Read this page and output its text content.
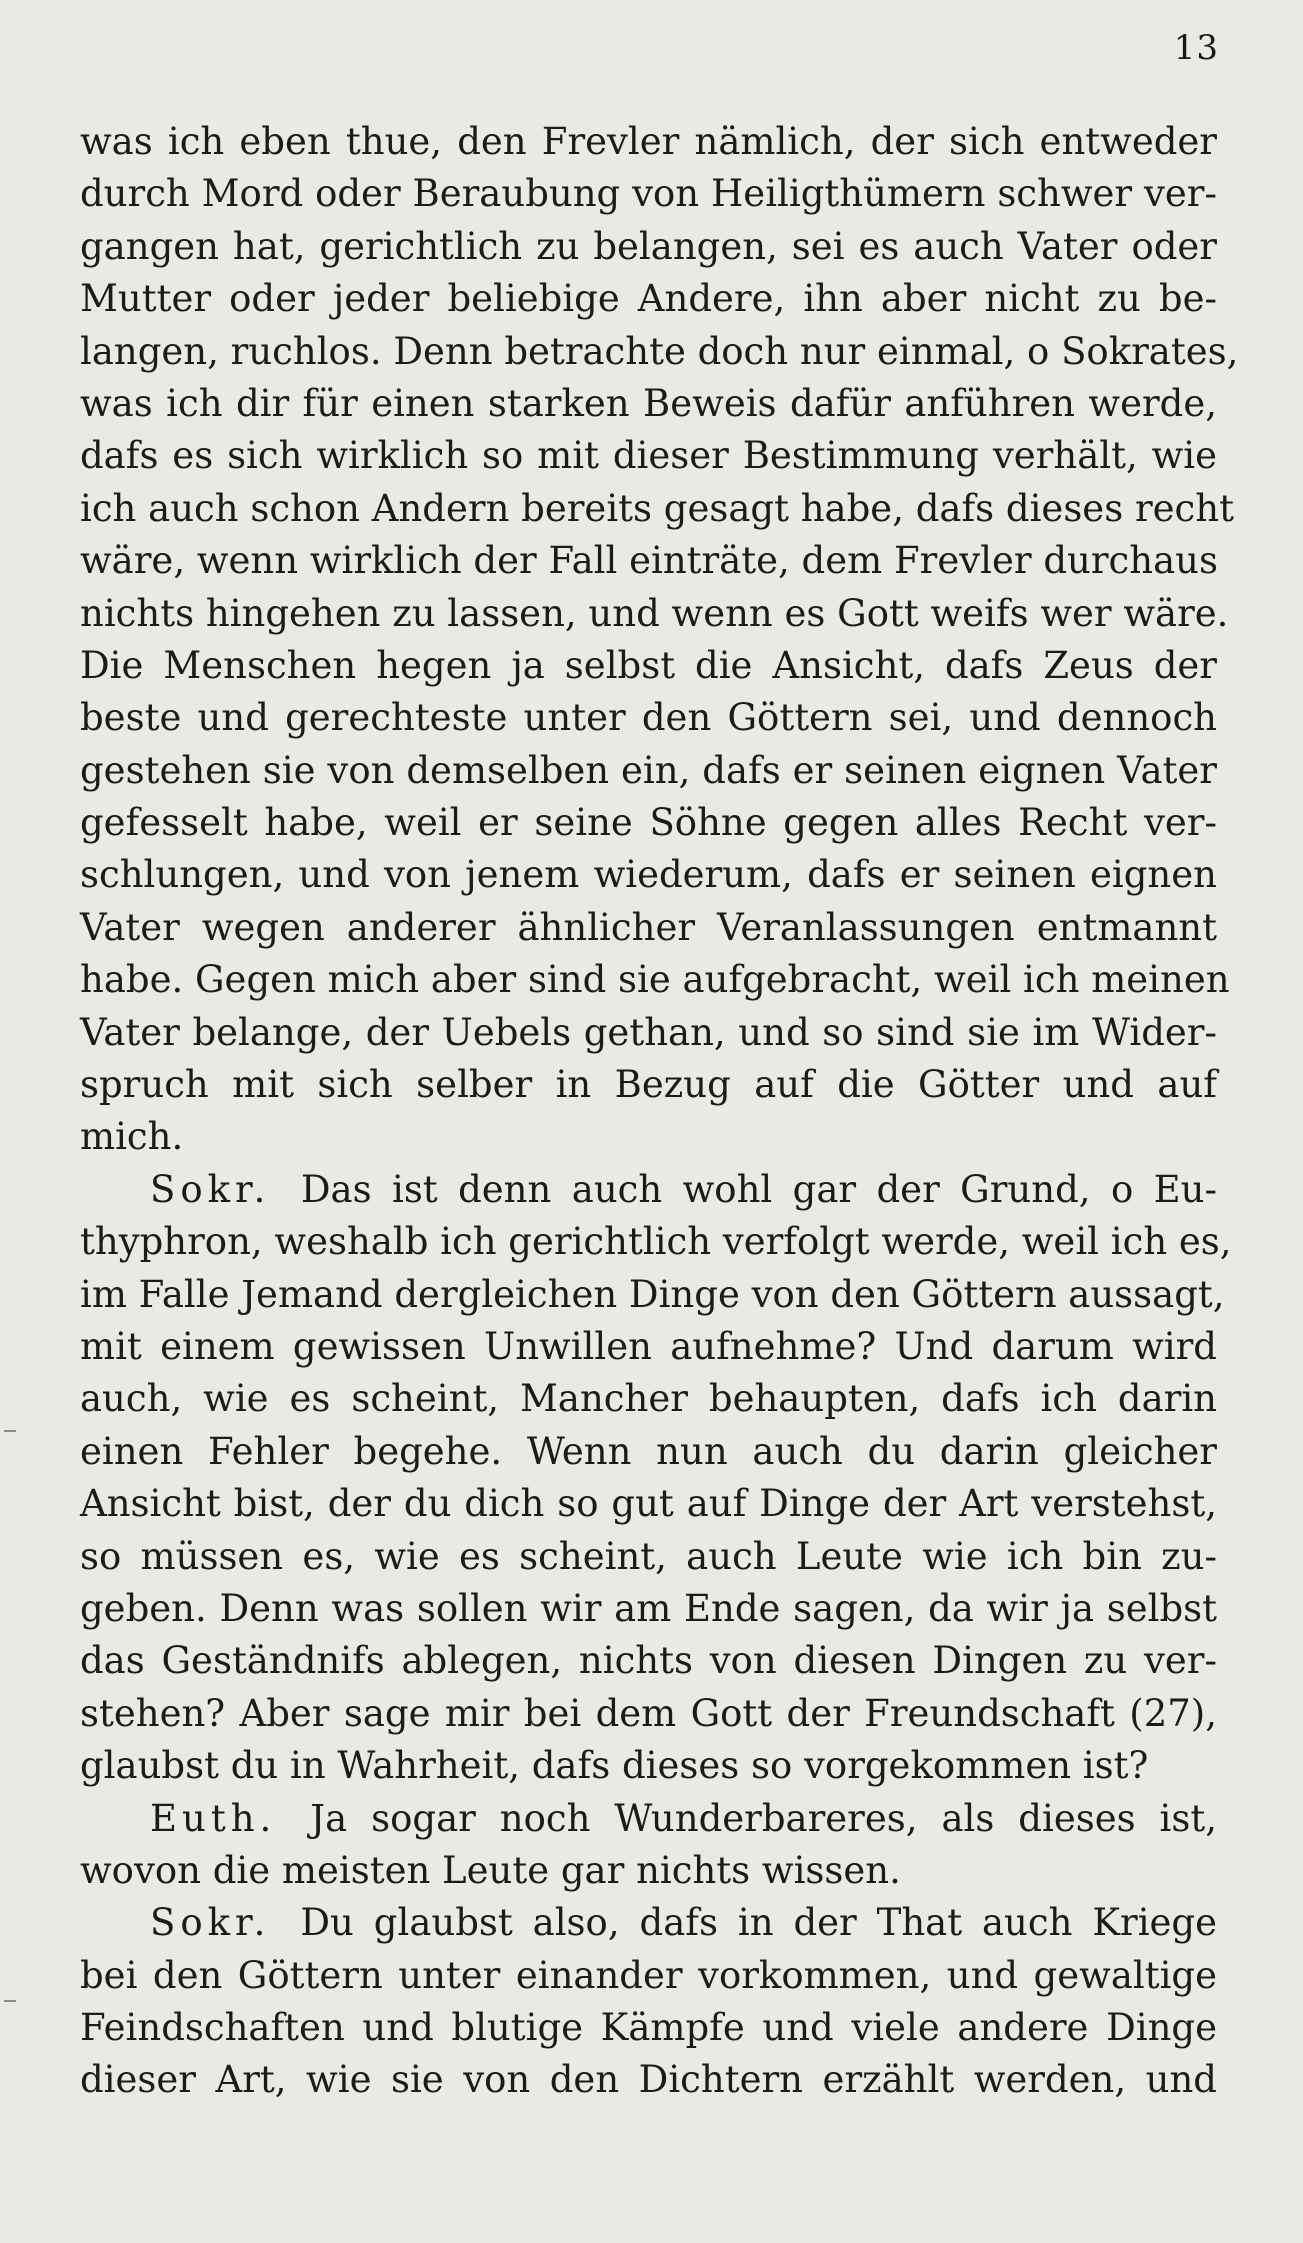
13
was ich eben thue, den Frevler nämlich, der sich entweder
durch Mord oder Beraubung von Heiligthümern schwer ver-
gangen hat, gerichtlich zu belangen, sei es auch Vater oder
Mutter oder jeder beliebige Andere, ihn aber nicht zu be-
langen, ruchlos. Denn betrachte doch nur einmal, o Sokrates,
was ich dir für einen starken Beweis dafür anführen werde,
dafs es sich wirklich so mit dieser Bestimmung verhält, wie
ich auch schon Andern bereits gesagt habe, dafs dieses recht
wäre, wenn wirklich der Fall einträte, dem Frevler durchaus
nichts hingehen zu lassen, und wenn es Gott weifs wer wäre.
Die Menschen hegen ja selbst die Ansicht, dafs Zeus der
beste und gerechteste unter den Göttern sei, und dennoch
gestehen sie von demselben ein, dafs er seinen eignen Vater
gefesselt habe, weil er seine Söhne gegen alles Recht ver-
schlungen, und von jenem wiederum, dafs er seinen eignen
Vater wegen anderer ähnlicher Veranlassungen entmannt
habe. Gegen mich aber sind sie aufgebracht, weil ich meinen
Vater belange, der Uebels gethan, und so sind sie im Wider-
spruch mit sich selber in Bezug auf die Götter und auf
mich.
Sokr. Das ist denn auch wohl gar der Grund, o Eu-
thyphron, weshalb ich gerichtlich verfolgt werde, weil ich es,
im Falle Jemand dergleichen Dinge von den Göttern aussagt,
mit einem gewissen Unwillen aufnehme? Und darum wird
auch, wie es scheint, Mancher behaupten, dafs ich darin
einen Fehler begehe. Wenn nun auch du darin gleicher
Ansicht bist, der du dich so gut auf Dinge der Art verstehst,
so müssen es, wie es scheint, auch Leute wie ich bin zu-
geben. Denn was sollen wir am Ende sagen, da wir ja selbst
das Geständnifs ablegen, nichts von diesen Dingen zu ver-
stehen? Aber sage mir bei dem Gott der Freundschaft (27),
glaubst du in Wahrheit, dafs dieses so vorgekommen ist?
Euth. Ja sogar noch Wunderbareres, als dieses ist,
wovon die meisten Leute gar nichts wissen.
Sokr. Du glaubst also, dafs in der That auch Kriege
bei den Göttern unter einander vorkommen, und gewaltige
Feindschaften und blutige Kämpfe und viele andere Dinge
dieser Art, wie sie von den Dichtern erzählt werden, und
